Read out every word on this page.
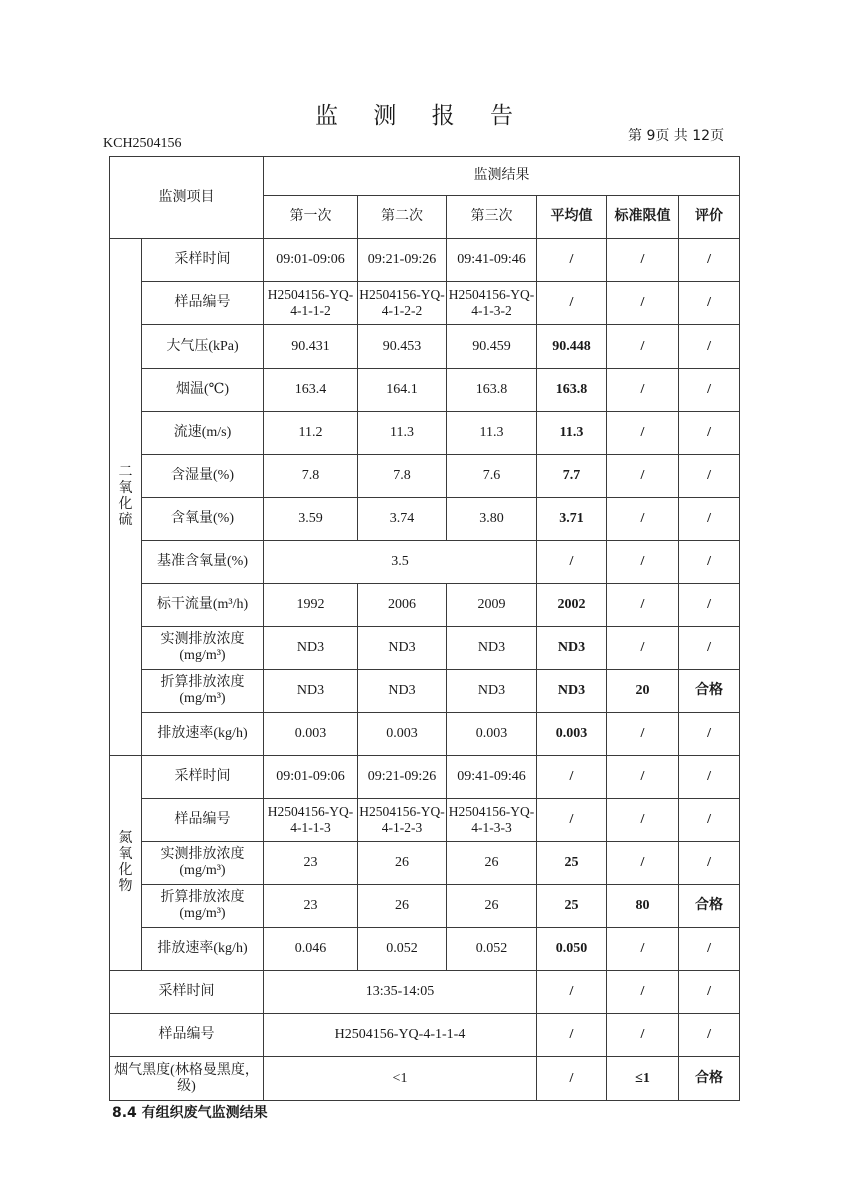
监 测 报 告
KCH2504156	第 9页 共 12页
监测项目		监测结果					
		第一次	第二次	第三次	平均值	标准限值	评价

二
氧
化
硫	采样时间	09:01-09:06	09:21-09:26	09:41-09:46	/	/	/
	样品编号	H2504156-YQ-4-1-1-2	H2504156-YQ-4-1-2-2	H2504156-YQ-4-1-3-2	/	/	/
	大气压(kPa)	90.431	90.453	90.459	90.448	/	/
	烟温(℃)	163.4	164.1	163.8	163.8	/	/
	流速(m/s)	11.2	11.3	11.3	11.3	/	/
	含湿量(%)	7.8	7.8	7.6	7.7	/	/
	含氧量(%)	3.59	3.74	3.80	3.71	/	/
	基准含氧量(%)	3.5			/	/	/
	标干流量(m³/h)	1992	2006	2009	2002	/	/
	实测排放浓度(mg/m³)	ND3	ND3	ND3	ND3	/	/
	折算排放浓度(mg/m³)	ND3	ND3	ND3	ND3	20	合格
	排放速率(kg/h)	0.003	0.003	0.003	0.003	/	/

氮
氧
化
物	采样时间	09:01-09:06	09:21-09:26	09:41-09:46	/	/	/
	样品编号	H2504156-YQ-4-1-1-3	H2504156-YQ-4-1-2-3	H2504156-YQ-4-1-3-3	/	/	/
	实测排放浓度(mg/m³)	23	26	26	25	/	/
	折算排放浓度(mg/m³)	23	26	26	25	80	合格
	排放速率(kg/h)	0.046	0.052	0.052	0.050	/	/
采样时间		13:35-14:05			/	/	/
样品编号		H2504156-YQ-4-1-1-4			/	/	/
烟气黑度(林格曼黑度，级)		<1			/	≤1	合格
8.4 有组织废气监测结果
